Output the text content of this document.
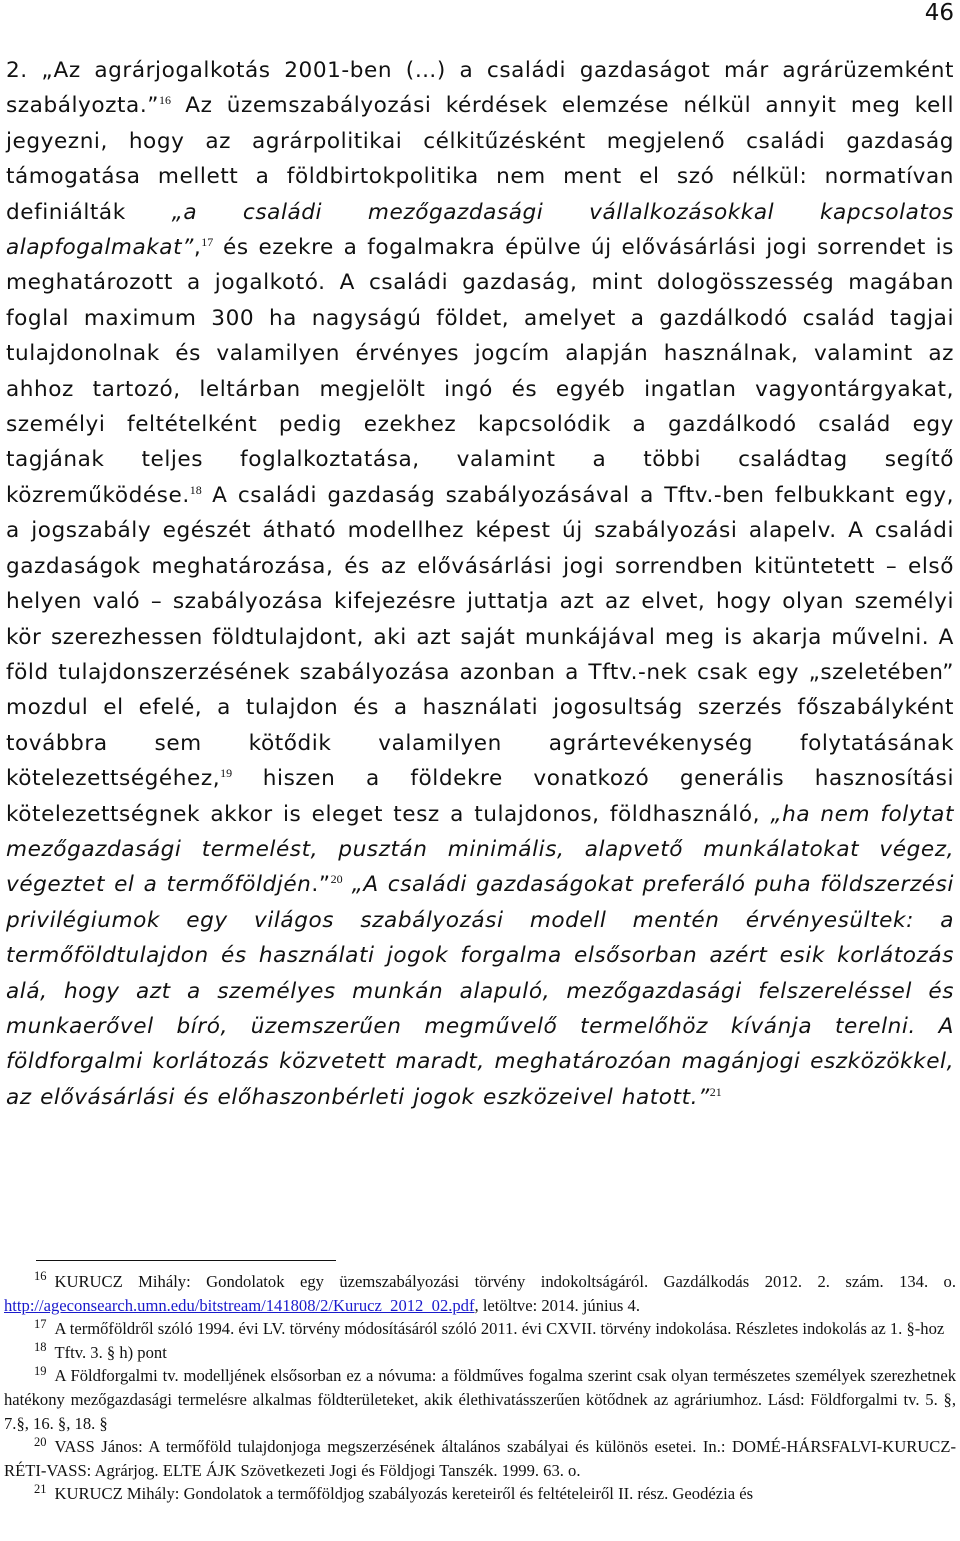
46

2. „Az agrárjogalkotás 2001-ben (…) a családi gazdaságot már agrárüzemként szabályozta.”$^{16}$ Az üzemszabályozási kérdések elemzése nélkül annyit meg kell jegyezni, hogy az agrárpolitikai célkitűzésként megjelenő családi gazdaság támogatása mellett a földbirtokpolitika nem ment el szó nélkül: normatívan definiálták „a családi mezőgazdasági vállalkozásokkal kapcsolatos alapfogalmakat”,$^{17}$ és ezekre a fogalmakra épülve új elővásárlási jogi sorrendet is meghatározott a jogalkotó. A családi gazdaság, mint dologösszesség magában foglal maximum 300 ha nagyságú földet, amelyet a gazdálkodó család tagjai tulajdonolnak és valamilyen érvényes jogcím alapján használnak, valamint az ahhoz tartozó, leltárban megjelölt ingó és egyéb ingatlan vagyontárgyakat, személyi feltételként pedig ezekhez kapcsolódik a gazdálkodó család egy tagjának teljes foglalkoztatása, valamint a többi családtag segítő közreműködése.$^{18}$ A családi gazdaság szabályozásával a Tftv.-ben felbukkant egy, a jogszabály egészét átható modellhez képest új szabályozási alapelv. A családi gazdaságok meghatározása, és az elővásárlási jogi sorrendben kitüntetett – első helyen való – szabályozása kifejezésre juttatja azt az elvet, hogy olyan személyi kör szerezhessen földtulajdont, aki azt saját munkájával meg is akarja művelni. A föld tulajdonszerzésének szabályozása azonban a Tftv.-nek csak egy „szeletében” mozdul el efelé, a tulajdon és a használati jogosultság szerzés főszabályként továbbra sem kötődik valamilyen agrártevékenység folytatásának kötelezettségéhez,$^{19}$ hiszen a földekre vonatkozó generális hasznosítási kötelezettségnek akkor is eleget tesz a tulajdonos, földhasználó, „ha nem folytat mezőgazdasági termelést, pusztán minimális, alapvető munkálatokat végez, végeztet el a termőföldjén.”$^{20}$ „A családi gazdaságokat preferáló puha földszerzési privilégiumok egy világos szabályozási modell mentén érvényesültek: a termőföldtulajdon és használati jogok forgalma elsősorban azért esik korlátozás alá, hogy azt a személyes munkán alapuló, mezőgazdasági felszereléssel és munkaerővel bíró, üzemszerűen megművelő termelőhöz kívánja terelni. A földforgalmi korlátozás közvetett maradt, meghatározóan magánjogi eszközökkel, az elővásárlási és előhaszonbérleti jogok eszközeivel hatott.”$^{21}$

$^{16}$ KURUCZ Mihály: Gondolatok egy üzemszabályozási törvény indokoltságáról. Gazdálkodás 2012. 2. szám. 134. o. http://ageconsearch.umn.edu/bitstream/141808/2/Kurucz_2012_02.pdf, letöltve: 2014. június 4.

$^{17}$ A termőföldről szóló 1994. évi LV. törvény módosításáról szóló 2011. évi CXVII. törvény indokolása. Részletes indokolás az 1. §-hoz

$^{18}$ Tftv. 3. § h) pont

$^{19}$ A Földforgalmi tv. modelljének elsősorban ez a nóvuma: a földműves fogalma szerint csak olyan természetes személyek szerezhetnek hatékony mezőgazdasági termelésre alkalmas földterületeket, akik élethivatásszerűen kötődnek az agráriumhoz. Lásd: Földforgalmi tv. 5. §, 7.§, 16. §, 18. §

$^{20}$ VASS János: A termőföld tulajdonjoga megszerzésének általános szabályai és különös esetei. In.: DOMÉ-HÁRSFALVI-KURUCZ-RÉTI-VASS: Agrárjog. ELTE ÁJK Szövetkezeti Jogi és Földjogi Tanszék. 1999. 63. o.

$^{21}$ KURUCZ Mihály: Gondolatok a termőföldjog szabályozás kereteiről és feltételeiről II. rész. Geodézia és
